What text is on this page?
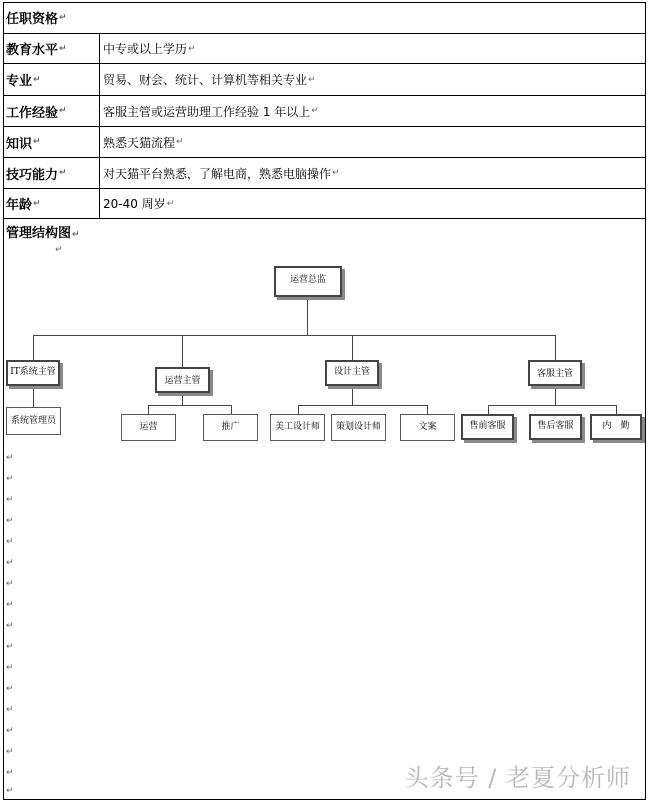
任职资格 ↵
教育水平 ↵	中专或以上学历 ↵
专业 ↵	贸易、财会、统计、计算机等相关专业 ↵
工作经验 ↵	客服主管或运营助理工作经验 1 年以上 ↵
知识 ↵	熟悉天猫流程 ↵
技巧能力 ↵	对天猫平台熟悉，了解电商，熟悉电脑操作 ↵
年龄 ↵	20-40 周岁 ↵
管理结构图↵
↵
运营总监
IT系统主管
运营主管
设计主管	客服主管
系统管理员
运营	推广	美工设计师 策划设计师	文案	售前客服	售后客服	内　勤
↵
↵
↵
↵
↵
↵
↵
↵
↵
↵
↵
↵
↵
↵
↵
↵
↵	头条号 / 老夏分析师
